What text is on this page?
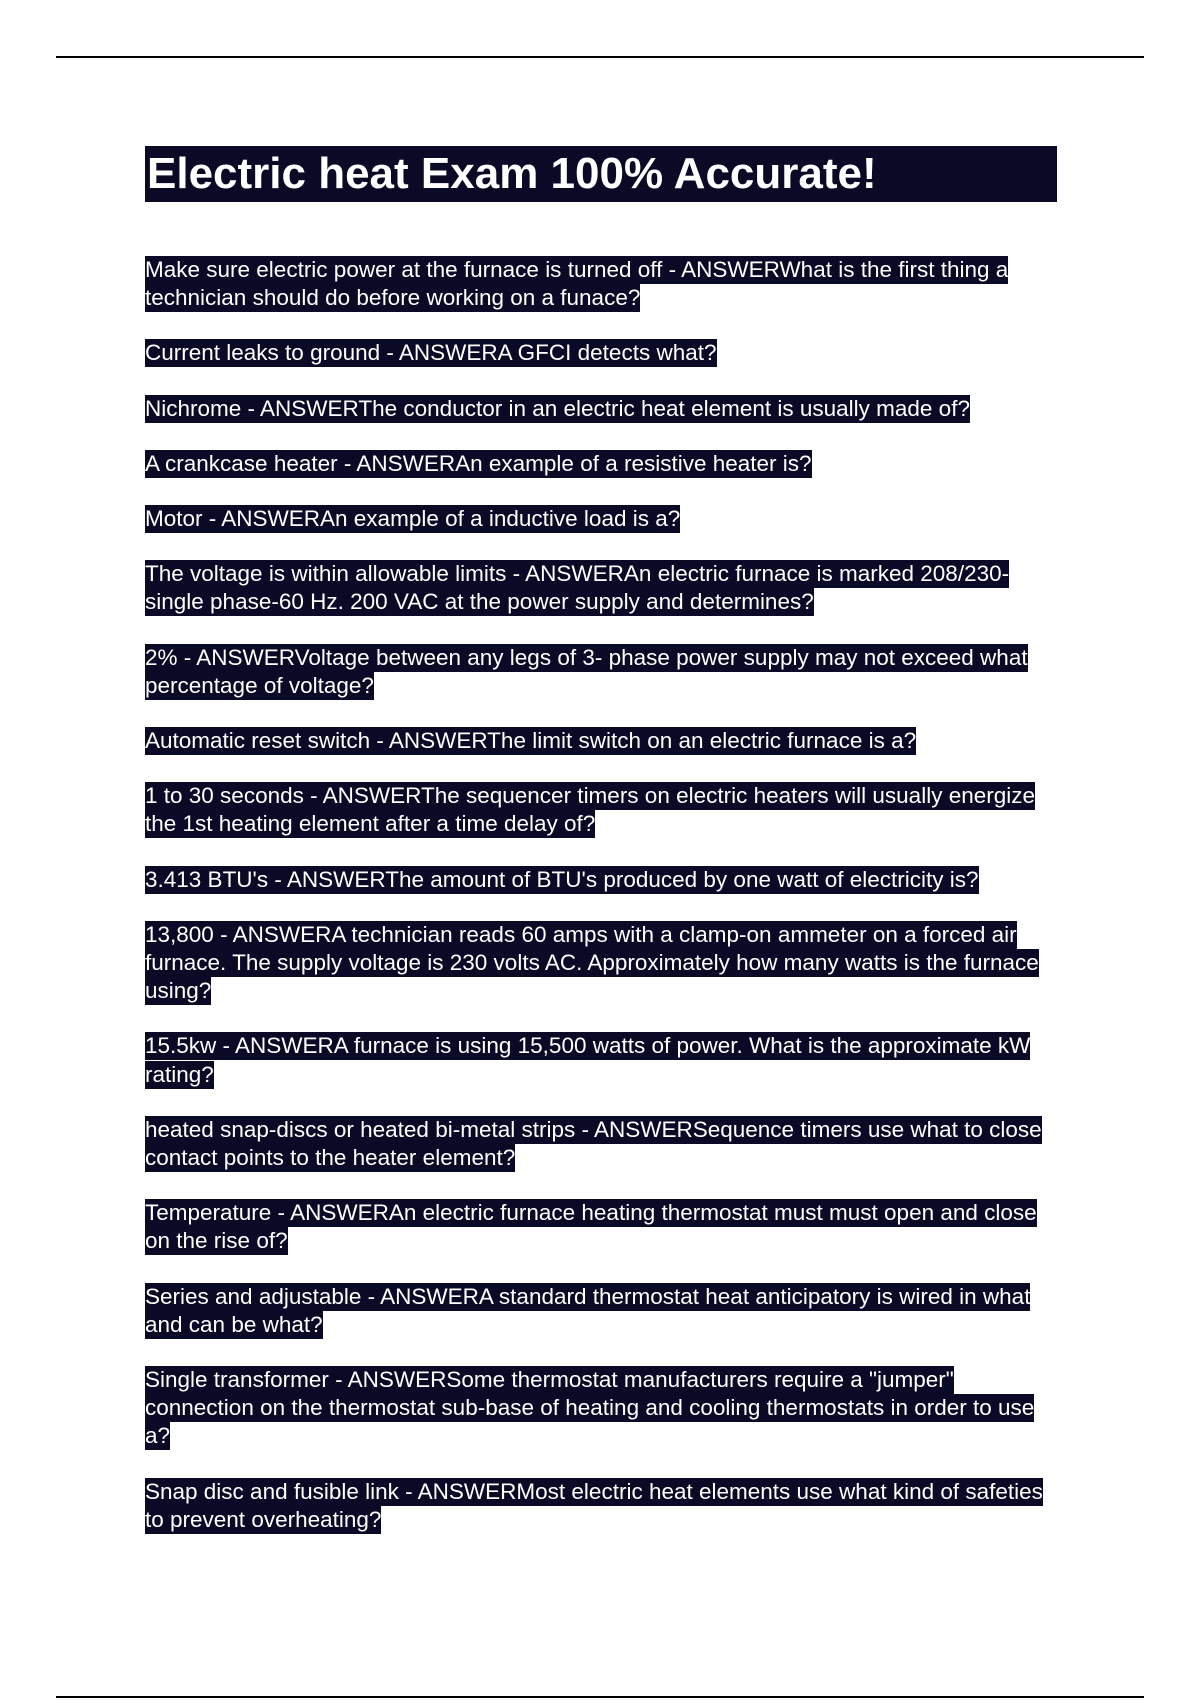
Electric heat Exam 100% Accurate!

Make sure electric power at the furnace is turned off - ANSWERWhat is the first thing a technician should do before working on a funace?

Current leaks to ground - ANSWERA GFCI detects what?

Nichrome - ANSWERThe conductor in an electric heat element is usually made of?

A crankcase heater - ANSWERAn example of a resistive heater is?

Motor - ANSWERAn example of a inductive load is a?

The voltage is within allowable limits - ANSWERAn electric furnace is marked 208/230- single phase-60 Hz. 200 VAC at the power supply and determines?

2% - ANSWERVoltage between any legs of 3- phase power supply may not exceed what percentage of voltage?

Automatic reset switch - ANSWERThe limit switch on an electric furnace is a?

1 to 30 seconds - ANSWERThe sequencer timers on electric heaters will usually energize the 1st heating element after a time delay of?

3.413 BTU's - ANSWERThe amount of BTU's produced by one watt of electricity is?

13,800 - ANSWERA technician reads 60 amps with a clamp-on ammeter on a forced air furnace. The supply voltage is 230 volts AC. Approximately how many watts is the furnace using?

15.5kw - ANSWERA furnace is using 15,500 watts of power. What is the approximate kW rating?

heated snap-discs or heated bi-metal strips - ANSWERSequence timers use what to close contact points to the heater element?

Temperature - ANSWERAn electric furnace heating thermostat must must open and close on the rise of?

Series and adjustable - ANSWERA standard thermostat heat anticipatory is wired in what and can be what?

Single transformer - ANSWERSome thermostat manufacturers require a "jumper" connection on the thermostat sub-base of heating and cooling thermostats in order to use a?

Snap disc and fusible link - ANSWERMost electric heat elements use what kind of safeties to prevent overheating?
